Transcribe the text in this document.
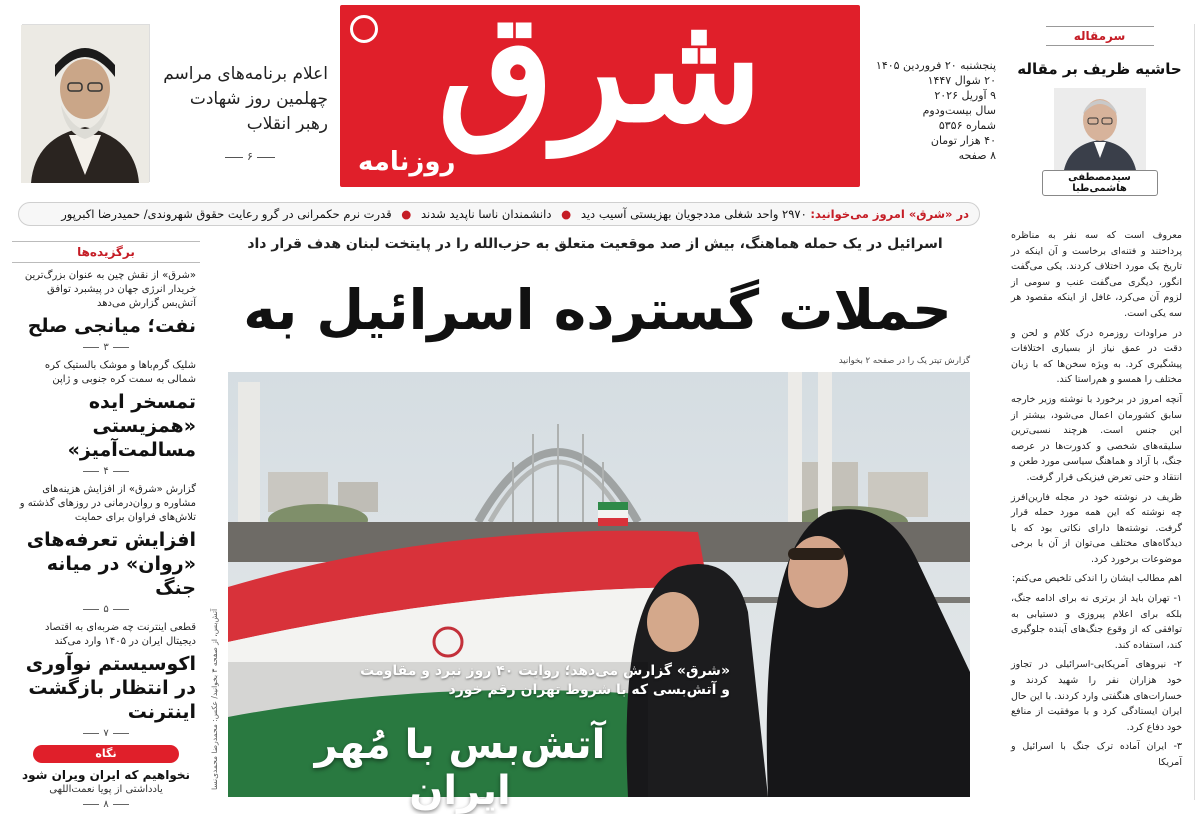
شرق
روزنامه
پنجشنبه ۲۰ فروردین ۱۴۰۵
۲۰ شوال ۱۴۴۷
۹ آوریل ۲۰۲۶
سال بیست‌ودوم
شماره ۵۳۵۶
۴۰ هزار تومان
۸ صفحه
اعلام برنامه‌های مراسم
چهلمین روز شهادت
رهبر انقلاب
۶
در «شرق» امروز می‌خوانید: ۲۹۷۰ واحد شغلی مددجویان بهزیستی آسیب دید ● دانشمندان ناسا ناپدید شدند ● قدرت نرم حکمرانی در گرو رعایت حقوق شهروندی/ حمیدرضا اکبرپور
اسرائیل در یک حمله هماهنگ، بیش از صد موقعیت متعلق به حزب‌الله را در پایتخت لبنان هدف قرار داد
حملات گسترده اسرائیل به
گزارش تیتر یک را در صفحه ۲ بخوانید
«شرق» گزارش می‌دهد؛ روایت ۴۰ روز نبرد و مقاومت
و آتش‌بسی که با شروط تهران رقم خورد
آتش‌بس با مُهر ایران
آتش‌بس، از صفحه ۳ بخوانید/ عکس: محمدرضا محمدی‌نسا
برگزیده‌ها
«شرق» از نقش چین به عنوان بزرگ‌ترین خریدار انرژی جهان در پیشبرد توافق آتش‌بس گزارش می‌دهد
نفت؛ میانجی صلح
۳
شلیک گرم‌باها و موشک بالستیک کره شمالی به سمت کره جنوبی و ژاپن
تمسخر ایده «همزیستی مسالمت‌آمیز»
۴
گزارش «شرق» از افزایش هزینه‌های مشاوره و روان‌درمانی در روزهای گذشته و تلاش‌های فراوان برای حمایت
افزایش تعرفه‌های «روان» در میانه جنگ
۵
قطعی اینترنت چه ضربه‌ای به اقتصاد دیجیتال ایران در ۱۴۰۵ وارد می‌کند
اکوسیستم نوآوری در انتظار بازگشت اینترنت
۷
نگاه
نخواهیم که ایران ویران شود
یادداشتی از پویا نعمت‌اللهی
۸
سرمقاله
حاشیه ظریف بر مقاله
سیدمصطفی هاشمی‌طبا

معروف است که سه نفر به مناظره پرداختند و فتنه‌ای برخاست و آن اینکه در تاریخ یک مورد اختلاف کردند. یکی می‌گفت انگور، دیگری می‌گفت عنب و سومی از لزوم آن می‌کرد، غافل از اینکه مقصود هر سه یکی است.

در مراودات روزمره درک کلام و لحن و دقت در عمق نیاز از بسیاری اختلافات پیشگیری کرد. به ویژه سخن‌ها که با زبان مختلف را همسو و هم‌راستا کند.

آنچه امروز در برخورد با نوشته وزیر خارجه سابق کشورمان اعمال می‌شود، بیشتر از این جنس است. هرچند نسبی‌ترین سلیقه‌های شخصی و کدورت‌ها در عرصه جنگ، با آزاد و هماهنگ سیاسی مورد طعن و انتقاد و حتی تعرض فیزیکی قرار گرفت.

ظریف در نوشته خود در مجله فارین‌افرز چه نوشته که این همه مورد حمله قرار گرفت. نوشته‌ها دارای نکاتی بود که با دیدگاه‌های مختلف می‌توان از آن با برخی موضوعات برخورد کرد.

اهم مطالب ایشان را اندکی تلخیص می‌کنم:

۱- تهران باید از برتری نه برای ادامه جنگ، بلکه برای اعلام پیروزی و دستیابی به توافقی که از وقوع جنگ‌های آینده جلوگیری کند، استفاده کند.

۲- نیروهای آمریکایی-اسرائیلی در تجاوز خود هزاران نفر را شهید کردند و خسارات‌های هنگفتی وارد کردند. با این حال ایران ایستادگی کرد و با موفقیت از منافع خود دفاع کرد.

۳- ایران آماده ترک جنگ با اسرائیل و آمریکا
